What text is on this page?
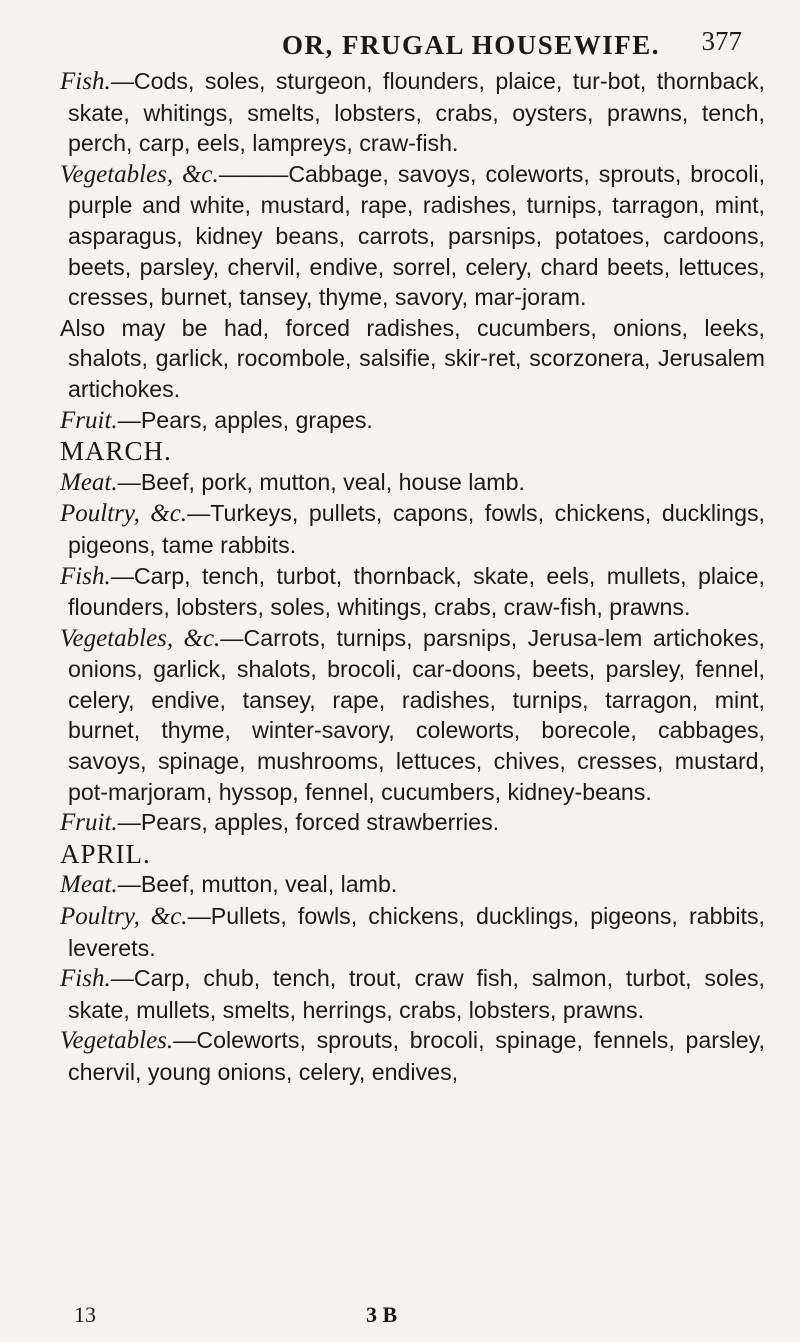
OR, FRUGAL HOUSEWIFE. 377

Fish.—Cods, soles, sturgeon, flounders, plaice, tur-bot, thornback, skate, whitings, smelts, lobsters, crabs, oysters, prawns, tench, perch, carp, eels, lampreys, craw-fish.

Vegetables, &c.———Cabbage, savoys, coleworts, sprouts, brocoli, purple and white, mustard, rape, radishes, turnips, tarragon, mint, asparagus, kidney beans, carrots, parsnips, potatoes, cardoons, beets, parsley, chervil, endive, sorrel, celery, chard beets, lettuces, cresses, burnet, tansey, thyme, savory, mar-joram.

Also may be had, forced radishes, cucumbers, onions, leeks, shalots, garlick, rocombole, salsifie, skir-ret, scorzonera, Jerusalem artichokes.

Fruit.—Pears, apples, grapes.

MARCH.

Meat.—Beef, pork, mutton, veal, house lamb.

Poultry, &c.—Turkeys, pullets, capons, fowls, chickens, ducklings, pigeons, tame rabbits.

Fish.—Carp, tench, turbot, thornback, skate, eels, mullets, plaice, flounders, lobsters, soles, whitings, crabs, craw-fish, prawns.

Vegetables, &c.—Carrots, turnips, parsnips, Jerusa-lem artichokes, onions, garlick, shalots, brocoli, car-doons, beets, parsley, fennel, celery, endive, tansey, rape, radishes, turnips, tarragon, mint, burnet, thyme, winter-savory, coleworts, borecole, cabbages, savoys, spinage, mushrooms, lettuces, chives, cresses, mustard, pot-marjoram, hyssop, fennel, cucumbers, kidney-beans.

Fruit.—Pears, apples, forced strawberries.

APRIL.

Meat.—Beef, mutton, veal, lamb.

Poultry, &c.—Pullets, fowls, chickens, ducklings, pigeons, rabbits, leverets.

Fish.—Carp, chub, tench, trout, craw fish, salmon, turbot, soles, skate, mullets, smelts, herrings, crabs, lobsters, prawns.

Vegetables.—Coleworts, sprouts, brocoli, spinage, fennels, parsley, chervil, young onions, celery, endives,

13	3 B
